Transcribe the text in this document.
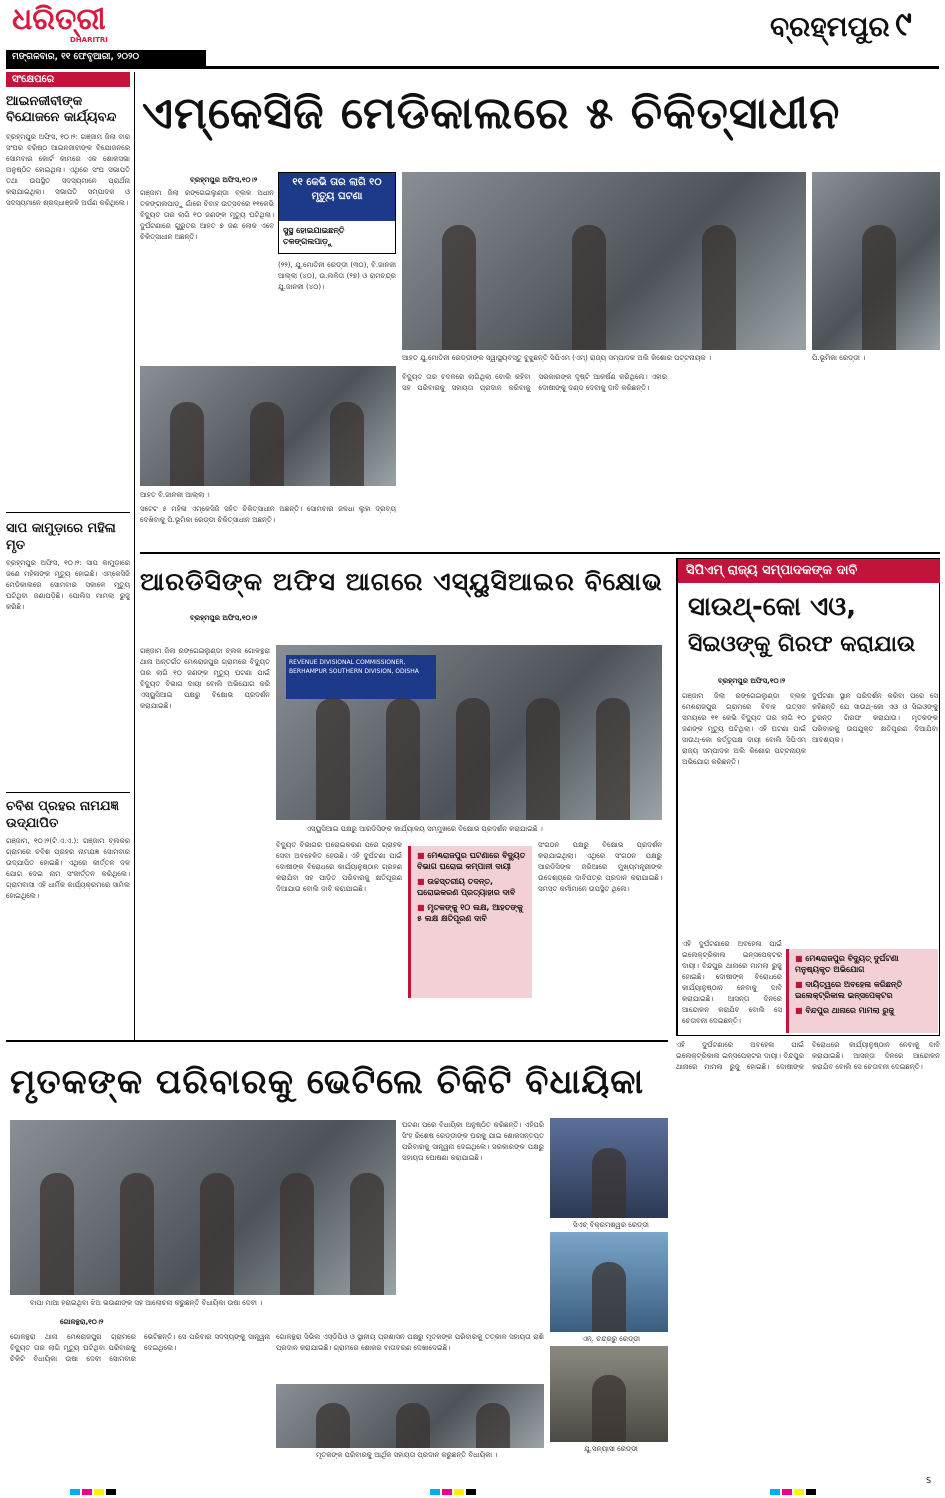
ଧରିତ୍ରୀ
DHARITRI
ମଙ୍ଗଳବାର, ୧୧ ଫେବୃଆରୀ, ୨୦୨୦
ବ୍ରହ୍ମପୁର ୯
ସଂକ୍ଷେପରେ
ଆଇନଜୀବୀଙ୍କ ବିଯୋଜନେ କାର୍ଯ୍ୟବନ୍ଦ
ବ୍ରହ୍ମପୁର ଅଫିସ, ୧୦।୨: ଗଞ୍ଜାମ ଜିଲା ବାର ସଂଘର ବରିଷ୍ଠ ଆଇନଜୀବୀଙ୍କ ବିଯୋଜନରେ ସୋମବାର କୋର୍ଟ କାମରେ ଏକ ଶୋକସଭା ଅନୁଷ୍ଠିତ ହୋଇଥିଲା। ଏଥିରେ ସଂଘ ସଭାପତି ତଥା ଉପସ୍ଥିତ ସଦସ୍ୟମାନେ ପ୍ରାର୍ଥନା କରାଯାଇଥିଲା। ସଭାପତି ସମ୍ପାଦକ ଓ ସଦସ୍ୟମାନେ ଶ୍ରଦ୍ଧାଞ୍ଜଳି ଅର୍ପଣ କରିଥିଲେ।
ସାପ କାମୁଡ଼ାରେ ମହିଳା ମୃତ
ବ୍ରହ୍ମପୁର ଅଫିସ, ୧୦।୨: ସାପ କାମୁଡ଼ାରେ ଜଣେ ମହିଳାଙ୍କ ମୃତ୍ୟୁ ହୋଇଛି। ଏମ୍‌କେସିଜି ମେଡିକାଲରେ ସୋମବାର ସକାଳେ ମୃତ୍ୟୁ ଘଟିଥିବା ଜଣାପଡ଼ିଛି। ପୋଲିସ ମାମଲା ରୁଜୁ କରିଛି।
ଚବିଶ ପ୍ରହର ନାମଯଜ୍ଞ ଉଦ୍‌ଯାପିତ
ଗଞ୍ଜାମ, ୧୦।୨(ଟି.ଏ.ଏ.): ଗଞ୍ଜାମ ବ୍ଲକର ଗ୍ରାମରେ ଚବିଶ ପ୍ରହର ନାମଯଜ୍ଞ ସୋମବାର ଉଦ୍‌ଯାପିତ ହୋଇଛି। ଏଥିରେ କୀର୍ତ୍ତନ ଦଳ ଯୋଗ ଦେଇ ନାମ ସଂକୀର୍ତ୍ତନ କରିଥିଲେ। ଗ୍ରାମବାସୀ ଏହି ଧାର୍ମିକ କାର୍ଯ୍ୟକ୍ରମରେ ସାମିଲ ହୋଇଥିଲେ।
ଏମ୍‌କେସିଜି ମେଡିକାଲରେ ୫ ଚିକିତ୍ସାଧୀନ
ବ୍ରହ୍ମପୁର ଅଫିସ,୧୦।୨	୧୧ କେଭି ତାର ଲାଗି ୧୦ ମୃତ୍ୟୁ ଘଟଣା
ସୁସ୍ଥ ହୋଇଯାଇଛନ୍ତି ତଳଙ୍ଗଲପାଡ଼ୁ
ଗଞ୍ଜାମ ଜିଲା ରଙ୍ଗେଇଲୁଣ୍ଡା ବ୍ଲକ ଅଧୀନ ତଳଙ୍ଗଲପାଡ଼ୁ ଗାଁରେ ବିବାହ ଉତ୍ସବରେ ୧୧କେଭି ବିଦ୍ୟୁତ ତାର ଲାଗି ୧୦ ଜଣଙ୍କ ମୃତ୍ୟୁ ଘଟିଥିଲା। ଦୁର୍ଘଟଣାରେ ଗୁରୁତର ଆହତ ୭ ଜଣ ଲୋକ ଏବେ ଚିକିତ୍ସାଧୀନ ଅଛନ୍ତି।
(୨୨), ଯୁ.ମୋତିନୀ ରେଡ୍ଡୀ (୩୦), ବି.ଜାନକୀ ଆଲ୍ଲା (୪୦), ଉ.ଲଳିତା (୨୭) ଓ ରାମଚନ୍ଦ୍ର ଯୁ.ଜାନକୀ (୪୦)।
ଆହତ ଯୁ.ମୋତିନୀ ରେଡ୍ଡୀଙ୍କ ସ୍ୱାସ୍ଥ୍ୟବସ୍ତୁ ବୁଝୁଛନ୍ତି ସିପିଏମ (ଏମ୍) ରାଜ୍ୟ ସମ୍ପାଦକ ଅଲି କିଶୋର ପଟ୍ଟନାୟକ ।	ପି.ଭୂମିକା ରେଡ୍ଡୀ ।
ଆହତ ବି.ଜାନକୀ ଆଲ୍ଲା ।
ସଟେଟ ୫ ମହିଳା ଏମ୍‌କେସିଜି ସହିତ ଚିକିତ୍ସାଧୀନ ଅଛନ୍ତି। ସୋମବାର ଜଳଧା ଲୁହା ଦ୍ରବ୍ୟ ଦେଖିବାକୁ ପି.ଭୂମିକା ରେଡ୍ଡୀ ଚିକିତ୍ସାଧୀନ ଅଛନ୍ତି।
ବିଦ୍ୟୁତ ତାର ବଦଳରେ ଲାଗିଥିଲା ବୋଲି କହିବା ସହ ପରିବାରକୁ ସହାୟତା ପ୍ରଦାନ କରିବାକୁ ସରକାରଙ୍କ ଦୃଷ୍ଟି ଆକର୍ଷଣ କରିଥିଲେ। ଏହାର ଦୋଷୀଙ୍କୁ ଦଣ୍ଡ ଦେବାକୁ ଦାବି କରିଛନ୍ତି।
ଆରଡିସିଙ୍କ ଅଫିସ ଆଗରେ ଏସ୍‌ୟୁସିଆଇର ବିକ୍ଷୋଭ
ବ୍ରହ୍ମପୁର ଅଫିସ,୧୦।୨
ଗଞ୍ଜାମ ଜିଲା ରଙ୍ଗେଇଲୁଣ୍ଡା ବ୍ଲକ ଗୋଳନ୍ଥରା ଥାନା ଅନ୍ତର୍ଗତ ମେଣ୍ଢରାଜପୁର ଗ୍ରାମରେ ବିଦ୍ୟୁତ ତାର ଲାଗି ୧୦ ଜଣଙ୍କ ମୃତ୍ୟୁ ଘଟଣା ପାଇଁ ବିଦ୍ୟୁତ ବିଭାଗ ଦାୟୀ ବୋଲି ଅଭିଯୋଗ କରି ଏସ୍‌ୟୁସିଆଇ ପକ୍ଷରୁ ବିକ୍ଷୋଭ ପ୍ରଦର୍ଶନ କରାଯାଇଛି।
REVENUE DIVISIONAL COMMISSIONER, BERHAMPUR SOUTHERN DIVISION, ODISHA
ଏସ୍‌ୟୁସିଆଇ ପକ୍ଷରୁ ଆରଡିସିଙ୍କ କାର୍ଯ୍ୟାଳୟ ସମ୍ମୁଖରେ ବିକ୍ଷୋଭ ପ୍ରଦର୍ଶନ କରାଯାଇଛି ।
ବିଦ୍ୟୁତ ବିଭାଗର ଘରୋଇକରଣ ପରେ ଗ୍ରାହକ ସେବା ଅବହେଳିତ ହେଉଛି। ଏହି ଦୁର୍ଘଟଣା ପାଇଁ ଦୋଷୀଙ୍କ ବିରୋଧରେ କାର୍ଯ୍ୟାନୁଷ୍ଠାନ ଗ୍ରହଣ କରାଯିବା ସହ ପୀଡ଼ିତ ପରିବାରକୁ କ୍ଷତିପୂରଣ ଦିଆଯାଉ ବୋଲି ଦାବି କରାଯାଇଛି।
■ ମେଣ୍ଢରାଜପୁର ଘଟଣାରେ ବିଦ୍ୟୁତ ବିଭାଗ ଘରୋଇ କମ୍ପାନୀ ଦାୟୀ
■ ଉଚ୍ଚସ୍ତରୀୟ ତଦନ୍ତ, ଘରୋଇକରଣ ପ୍ରତ୍ୟାହାର ଦାବି
■ ମୃତକଙ୍କୁ ୧୦ ଲକ୍ଷ, ଆହତଙ୍କୁ ୫ ଲକ୍ଷ କ୍ଷତିପୂରଣ ଦାବି
ସଂଗଠନ ପକ୍ଷରୁ ବିକ୍ଷୋଭ ପ୍ରଦର୍ଶନ କରାଯାଇଥିଲା। ଏଥିରେ ସଂଗଠନ ପକ୍ଷରୁ ଆରଡିସିଙ୍କ ଜରିଆରେ ମୁଖ୍ୟମନ୍ତ୍ରୀଙ୍କ ଉଦ୍ଦେଶ୍ୟରେ ଦାବିପତ୍ର ପ୍ରଦାନ କରାଯାଇଛି। ସମସ୍ତ କର୍ମୀମାନେ ଉପସ୍ଥିତ ଥିଲେ।
ସିପିଏମ୍ ରାଜ୍ୟ ସମ୍ପାଦକଙ୍କ ଦାବି
ସାଉଥ୍-କୋ ଏଓ,
ସିଇଓଙ୍କୁ ଗିରଫ କରାଯାଉ
ବ୍ରହ୍ମପୁର ଅଫିସ,୧୦।୨
ଗଞ୍ଜାମ ଜିଲା ରଙ୍ଗେଇଲୁଣ୍ଡା ବ୍ଲକ ମେଣ୍ଢରାଜପୁର ଗ୍ରାମରେ ବିବାହ ଉତ୍ସବ ସମୟରେ ୧୧ କେଭି ବିଦ୍ୟୁତ ତାର ଲାଗି ୧୦ ଜଣଙ୍କ ମୃତ୍ୟୁ ଘଟିଥିଲା। ଏହି ଘଟଣା ପାଇଁ ସାଉଥ୍-କୋ କର୍ତ୍ତୃପକ୍ଷ ଦାୟୀ ବୋଲି ସିପିଏମ୍ ରାଜ୍ୟ ସମ୍ପାଦକ ଅଲି କିଶୋର ପଟ୍ଟନାୟକ ଅଭିଯୋଗ କରିଛନ୍ତି।
ଦୁର୍ଘଟଣା ସ୍ଥାନ ପରିଦର୍ଶନ କରିବା ପରେ ସେ କହିଛନ୍ତି ଯେ ସାଉଥ୍-କୋ ଏଓ ଓ ସିଇଓଙ୍କୁ ତୁରନ୍ତ ଗିରଫ କରାଯାଉ। ମୃତକଙ୍କ ପରିବାରକୁ ଉପଯୁକ୍ତ କ୍ଷତିପୂରଣ ଦିଆଯିବା ଆବଶ୍ୟକ।
■ ମେଣ୍ଢରାଜପୁର ବିଦ୍ୟୁତ୍ ଦୁର୍ଘଟଣା ମନୁଷ୍ୟକୃତ ଅଭିଯୋଗ
■ ଦାୟିତ୍ୱରେ ଅବହେଳା କରିଛନ୍ତି ଇଲେକ୍‌ଟ୍ରିକାଲ ଇନ୍‌ସପେକ୍ଟର
■ ବିନ୍ଦପୁର ଥାନାରେ ମାମଲା ରୁଜୁ
ଏହି ଦୁର୍ଘଟଣାରେ ଅବହେଳା ପାଇଁ ଇଲେକ୍‌ଟ୍ରିକାଲ ଇନ୍‌ସପେକ୍ଟର ଦାୟୀ। ବିନ୍ଦପୁର ଥାନାରେ ମାମଲା ରୁଜୁ ହୋଇଛି। ଦୋଷୀଙ୍କ ବିରୋଧରେ କାର୍ଯ୍ୟାନୁଷ୍ଠାନ ନେବାକୁ ଦାବି କରାଯାଇଛି। ଆସନ୍ତା ଦିନରେ ଆନ୍ଦୋଳନ କରାଯିବ ବୋଲି ସେ ଚେତାବନୀ ଦେଇଛନ୍ତି।
ଏହି ଦୁର୍ଘଟଣାରେ ଅବହେଳା ପାଇଁ ଇଲେକ୍‌ଟ୍ରିକାଲ ଇନ୍‌ସପେକ୍ଟର ଦାୟୀ। ବିନ୍ଦପୁର ଥାନାରେ ମାମଲା ରୁଜୁ ହୋଇଛି। ଦୋଷୀଙ୍କ ବିରୋଧରେ କାର୍ଯ୍ୟାନୁଷ୍ଠାନ ନେବାକୁ ଦାବି କରାଯାଇଛି। ଆସନ୍ତା ଦିନରେ ଆନ୍ଦୋଳନ କରାଯିବ ବୋଲି ସେ ଚେତାବନୀ ଦେଇଛନ୍ତି।
ମୃତକଙ୍କ ପରିବାରକୁ ଭେଟିଲେ ଚିକିଟି ବିଧାୟିକା
ବାପା ମାଆ ହରାଇଥିବା ଝିଅ ଭଉଣୀଙ୍କ ସହ ଆଲୋଚନା କରୁଛନ୍ତି ବିଧାୟିକା ଉଷା ଦେବୀ ।
ଘଟଣା ପରେ ବିଧାୟିକା ଅନୁଷ୍ଠିତ କରିଛନ୍ତି। ଏହିପରି ସିଂହ ରିଶେଷ ରେଡ୍ଡୀଙ୍କ ଘରକୁ ଯାଇ ଶୋକସନ୍ତପ୍ତ ପରିବାରକୁ ସାନ୍ତ୍ୱନା ଦେଇଥିଲେ। ସରକାରଙ୍କ ପକ୍ଷରୁ ସହାୟତା ଘୋଷଣା କରାଯାଇଛି।
ଗୋଳନ୍ଥରା,୧୦।୨
ଗୋଳନ୍ଥରା ଥାନା ମେଣ୍ଢରାଜପୁର ଗ୍ରାମରେ ବିଦ୍ୟୁତ ତାର ଲାଗି ମୃତ୍ୟୁ ଘଟିଥିବା ପରିବାରକୁ ଚିକିଟି ବିଧାୟିକା ଉଷା ଦେବୀ ସୋମବାର ଭେଟିଛନ୍ତି। ସେ ପରିବାର ସଦସ୍ୟଙ୍କୁ ସାନ୍ତ୍ୱନା ଦେଇଥିଲେ।
ଗୋଳନ୍ଥରା ସିଭିଲ ଏସ୍‌ଡିପିଓ ଓ ସ୍ଥାନୀୟ ପ୍ରଶାସନ ପକ୍ଷରୁ ମୃତକଙ୍କ ପରିବାରକୁ ତତ୍କାଳ ସହାୟତା ରାଶି ପ୍ରଦାନ କରାଯାଇଛି। ଗ୍ରାମରେ ଶୋକର ବାତାବରଣ ଦେଖାଦେଇଛି।
ମୃତକଙ୍କ ପରିବାରକୁ ଆର୍ଥିକ ସହାୟତା ପ୍ରଦାନ କରୁଛନ୍ତି ବିଧାୟିକା ।
ସିଏଚ୍ ବିକ୍ରମଶ୍ୱର ରେଡ୍ଡୀ
ଏନ୍. ଚନ୍ଦ୍ରରୁ ରେଡ୍ଡୀ
ଯୁ.ସନ୍ୟାସୀ ରେଡ୍ଡୀ
S
